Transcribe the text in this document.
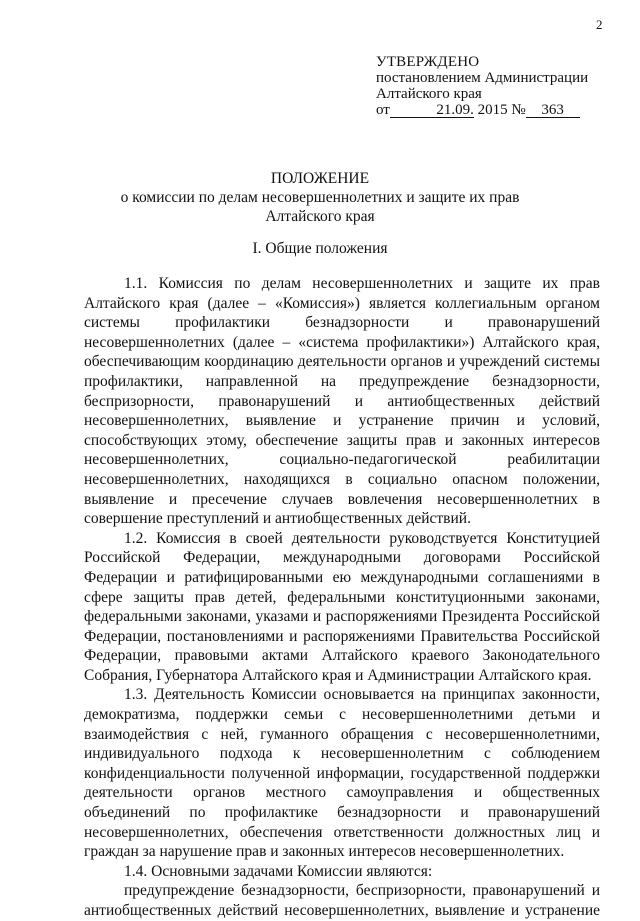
2
УТВЕРЖДЕНО
постановлением Администрации
Алтайского края
от	21.09. 2015 № 363
ПОЛОЖЕНИЕ
о комиссии по делам несовершеннолетних и защите их прав
Алтайского края
I. Общие положения

1.1. Комиссия по делам несовершеннолетних и защите их прав Алтайского края (далее – «Комиссия») является коллегиальным органом системы профилактики безнадзорности и правонарушений несовершеннолетних (далее – «система профилактики») Алтайского края, обеспечивающим координацию деятельности органов и учреждений системы профилактики, направленной на предупреждение безнадзорности, беспризорности, правонарушений и антиобщественных действий несовершеннолетних, выявление и устранение причин и условий, способствующих этому, обеспечение защиты прав и законных интересов несовершеннолетних, социально-педагогической реабилитации несовершеннолетних, находящихся в социально опасном положении, выявление и пресечение случаев вовлечения несовершеннолетних в совершение преступлений и антиобщественных действий.

1.2. Комиссия в своей деятельности руководствуется Конституцией Российской Федерации, международными договорами Российской Федерации и ратифицированными ею международными соглашениями в сфере защиты прав детей, федеральными конституционными законами, федеральными законами, указами и распоряжениями Президента Российской Федерации, постановлениями и распоряжениями Правительства Российской Федерации, правовыми актами Алтайского краевого Законодательного Собрания, Губернатора Алтайского края и Администрации Алтайского края.

1.3. Деятельность Комиссии основывается на принципах законности, демократизма, поддержки семьи с несовершеннолетними детьми и взаимодействия с ней, гуманного обращения с несовершеннолетними, индивидуального подхода к несовершеннолетним с соблюдением конфиденциальности полученной информации, государственной поддержки деятельности органов местного самоуправления и общественных объединений по профилактике безнадзорности и правонарушений несовершеннолетних, обеспечения ответственности должностных лиц и граждан за нарушение прав и законных интересов несовершеннолетних.

1.4. Основными задачами Комиссии являются:

предупреждение безнадзорности, беспризорности, правонарушений и антиобщественных действий несовершеннолетних, выявление и устранение
